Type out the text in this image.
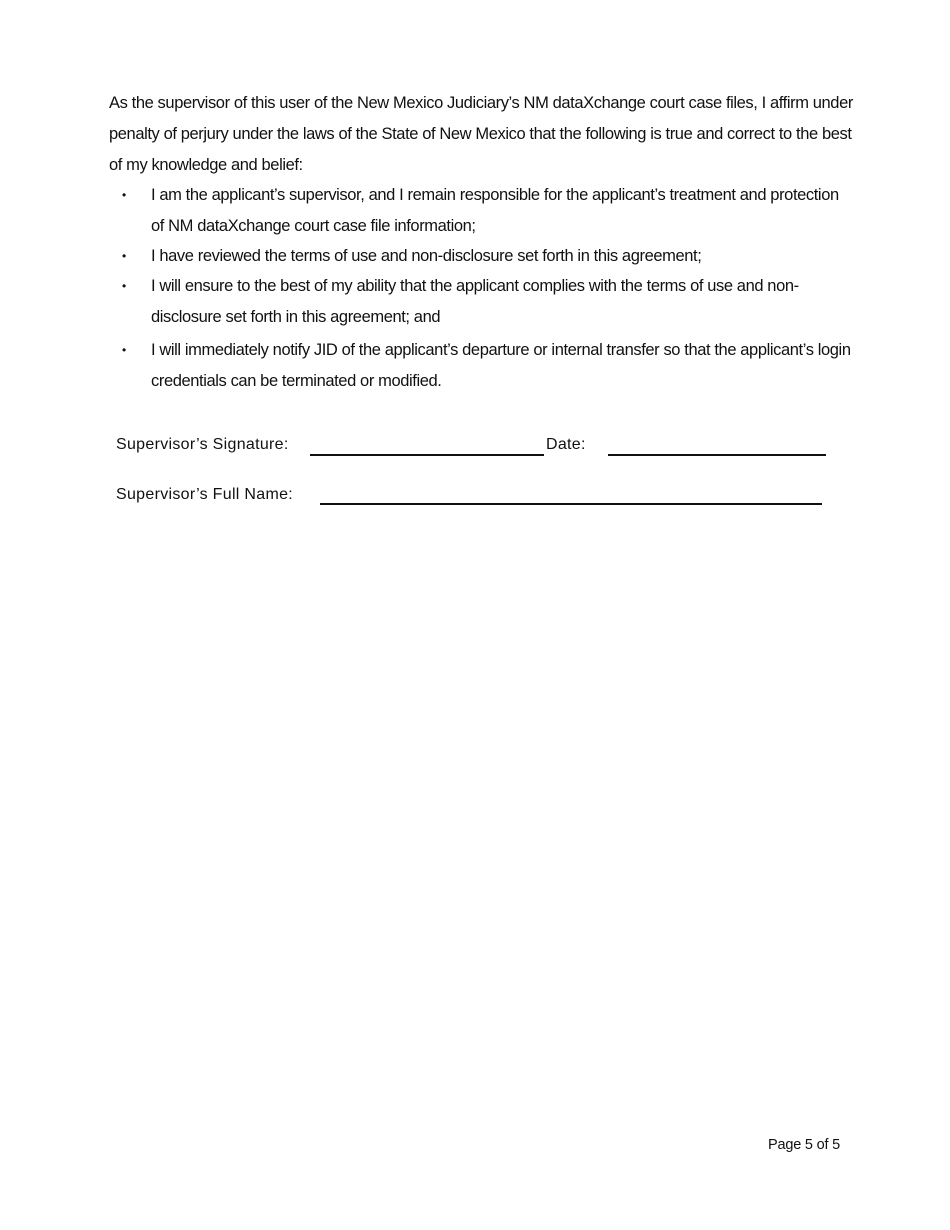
As the supervisor of this user of the New Mexico Judiciary’s NM dataXchange court case files, I affirm under penalty of perjury under the laws of the State of New Mexico that the following is true and correct to the best of my knowledge and belief:

• I am the applicant’s supervisor, and I remain responsible for the applicant’s treatment and protection of NM dataXchange court case file information;
• I have reviewed the terms of use and non-disclosure set forth in this agreement;
• I will ensure to the best of my ability that the applicant complies with the terms of use and non- disclosure set forth in this agreement; and
• I will immediately notify JID of the applicant’s departure or internal transfer so that the applicant’s login credentials can be terminated or modified.
Supervisor’s Signature:	Date:
Supervisor’s Full Name:
Page 5 of 5
